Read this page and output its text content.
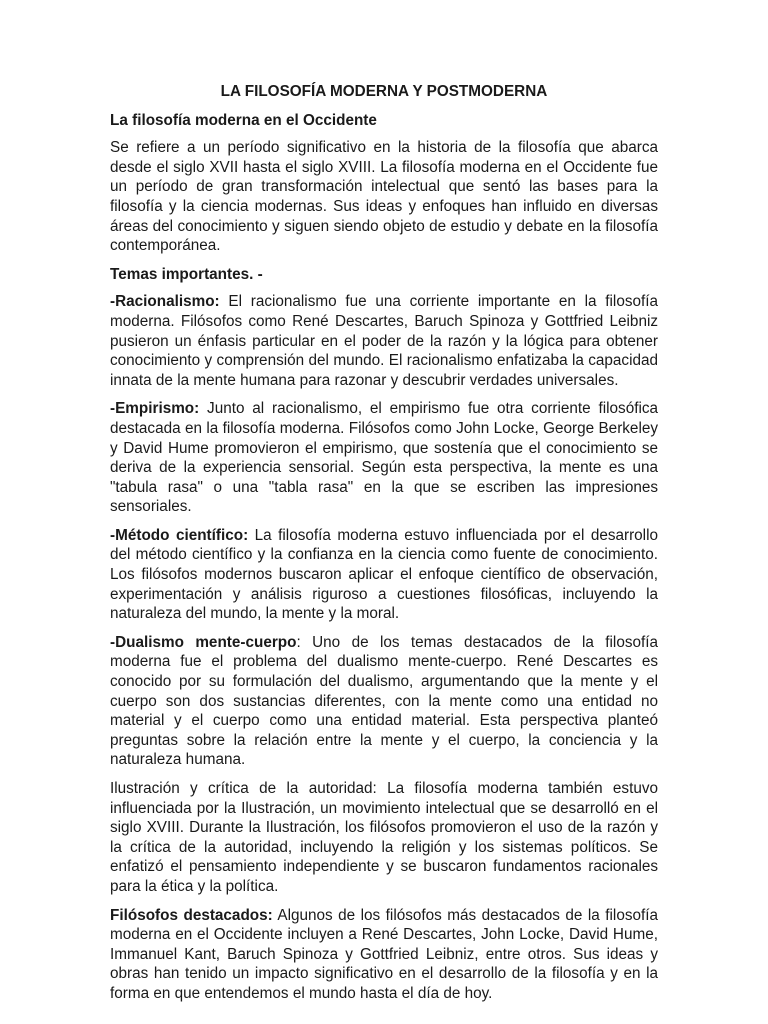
LA FILOSOFÍA MODERNA Y POSTMODERNA
La filosofía moderna en el Occidente

Se refiere a un período significativo en la historia de la filosofía que abarca desde el siglo XVII hasta el siglo XVIII. La filosofía moderna en el Occidente fue un período de gran transformación intelectual que sentó las bases para la filosofía y la ciencia modernas. Sus ideas y enfoques han influido en diversas áreas del conocimiento y siguen siendo objeto de estudio y debate en la filosofía contemporánea.

Temas importantes. -

-Racionalismo: El racionalismo fue una corriente importante en la filosofía moderna. Filósofos como René Descartes, Baruch Spinoza y Gottfried Leibniz pusieron un énfasis particular en el poder de la razón y la lógica para obtener conocimiento y comprensión del mundo. El racionalismo enfatizaba la capacidad innata de la mente humana para razonar y descubrir verdades universales.

-Empirismo: Junto al racionalismo, el empirismo fue otra corriente filosófica destacada en la filosofía moderna. Filósofos como John Locke, George Berkeley y David Hume promovieron el empirismo, que sostenía que el conocimiento se deriva de la experiencia sensorial. Según esta perspectiva, la mente es una "tabula rasa" o una "tabla rasa" en la que se escriben las impresiones sensoriales.

-Método científico: La filosofía moderna estuvo influenciada por el desarrollo del método científico y la confianza en la ciencia como fuente de conocimiento. Los filósofos modernos buscaron aplicar el enfoque científico de observación, experimentación y análisis riguroso a cuestiones filosóficas, incluyendo la naturaleza del mundo, la mente y la moral.

-Dualismo mente-cuerpo: Uno de los temas destacados de la filosofía moderna fue el problema del dualismo mente-cuerpo. René Descartes es conocido por su formulación del dualismo, argumentando que la mente y el cuerpo son dos sustancias diferentes, con la mente como una entidad no material y el cuerpo como una entidad material. Esta perspectiva planteó preguntas sobre la relación entre la mente y el cuerpo, la conciencia y la naturaleza humana.

Ilustración y crítica de la autoridad: La filosofía moderna también estuvo influenciada por la Ilustración, un movimiento intelectual que se desarrolló en el siglo XVIII. Durante la Ilustración, los filósofos promovieron el uso de la razón y la crítica de la autoridad, incluyendo la religión y los sistemas políticos. Se enfatizó el pensamiento independiente y se buscaron fundamentos racionales para la ética y la política.

Filósofos destacados: Algunos de los filósofos más destacados de la filosofía moderna en el Occidente incluyen a René Descartes, John Locke, David Hume, Immanuel Kant, Baruch Spinoza y Gottfried Leibniz, entre otros. Sus ideas y obras han tenido un impacto significativo en el desarrollo de la filosofía y en la forma en que entendemos el mundo hasta el día de hoy.
